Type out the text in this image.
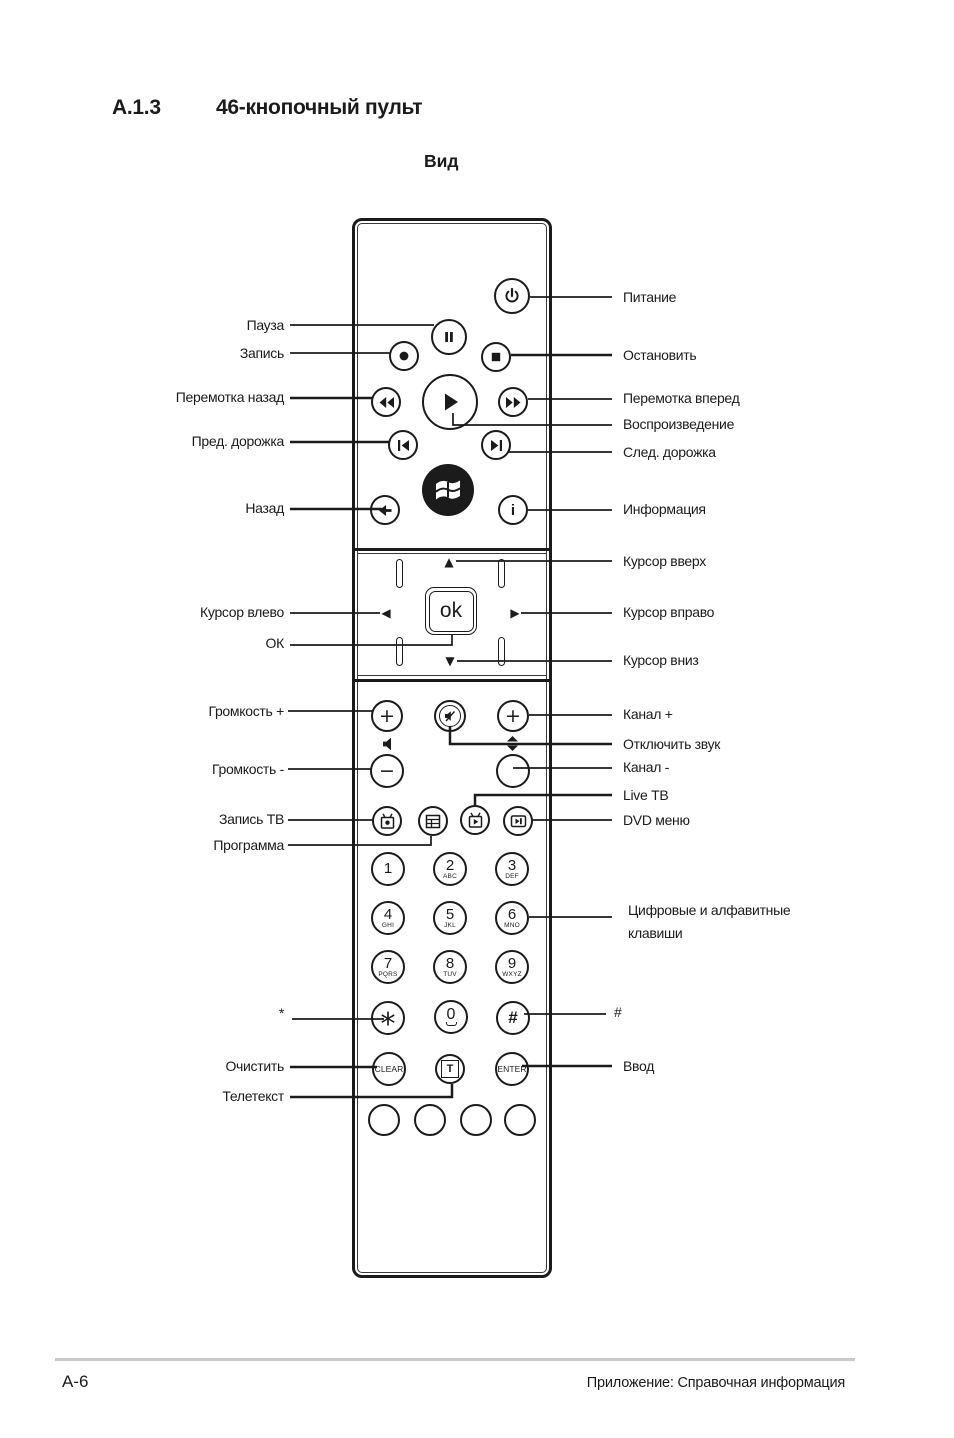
А.1.3	46-кнопочный пульт
Вид
i
▲
◀	▶
▼
ok
+	+
−
1	2
ABC
3
DEF
4
GHI
5
JKL
6
MNO
7
PQRS
8
TUV
9
WXYZ
*	0	#
CLEAR	T	ENTER
Пауза
Запись
Перемотка назад
Пред. дорожка
Назад
Курсор влево
ОК
Громкость +
Громкость -
Запись ТВ
Программа
*
Очистить
Телетекст
Питание
Остановить
Перемотка вперед
Воспроизведение
След. дорожка
Информация
Курсор вверх
Курсор вправо
Курсор вниз
Канал +
Отключить звук
Канал -
Live ТВ
DVD меню
Цифровые и алфавитные
клавиши
#
Ввод
A-6	Приложение: Справочная информация
